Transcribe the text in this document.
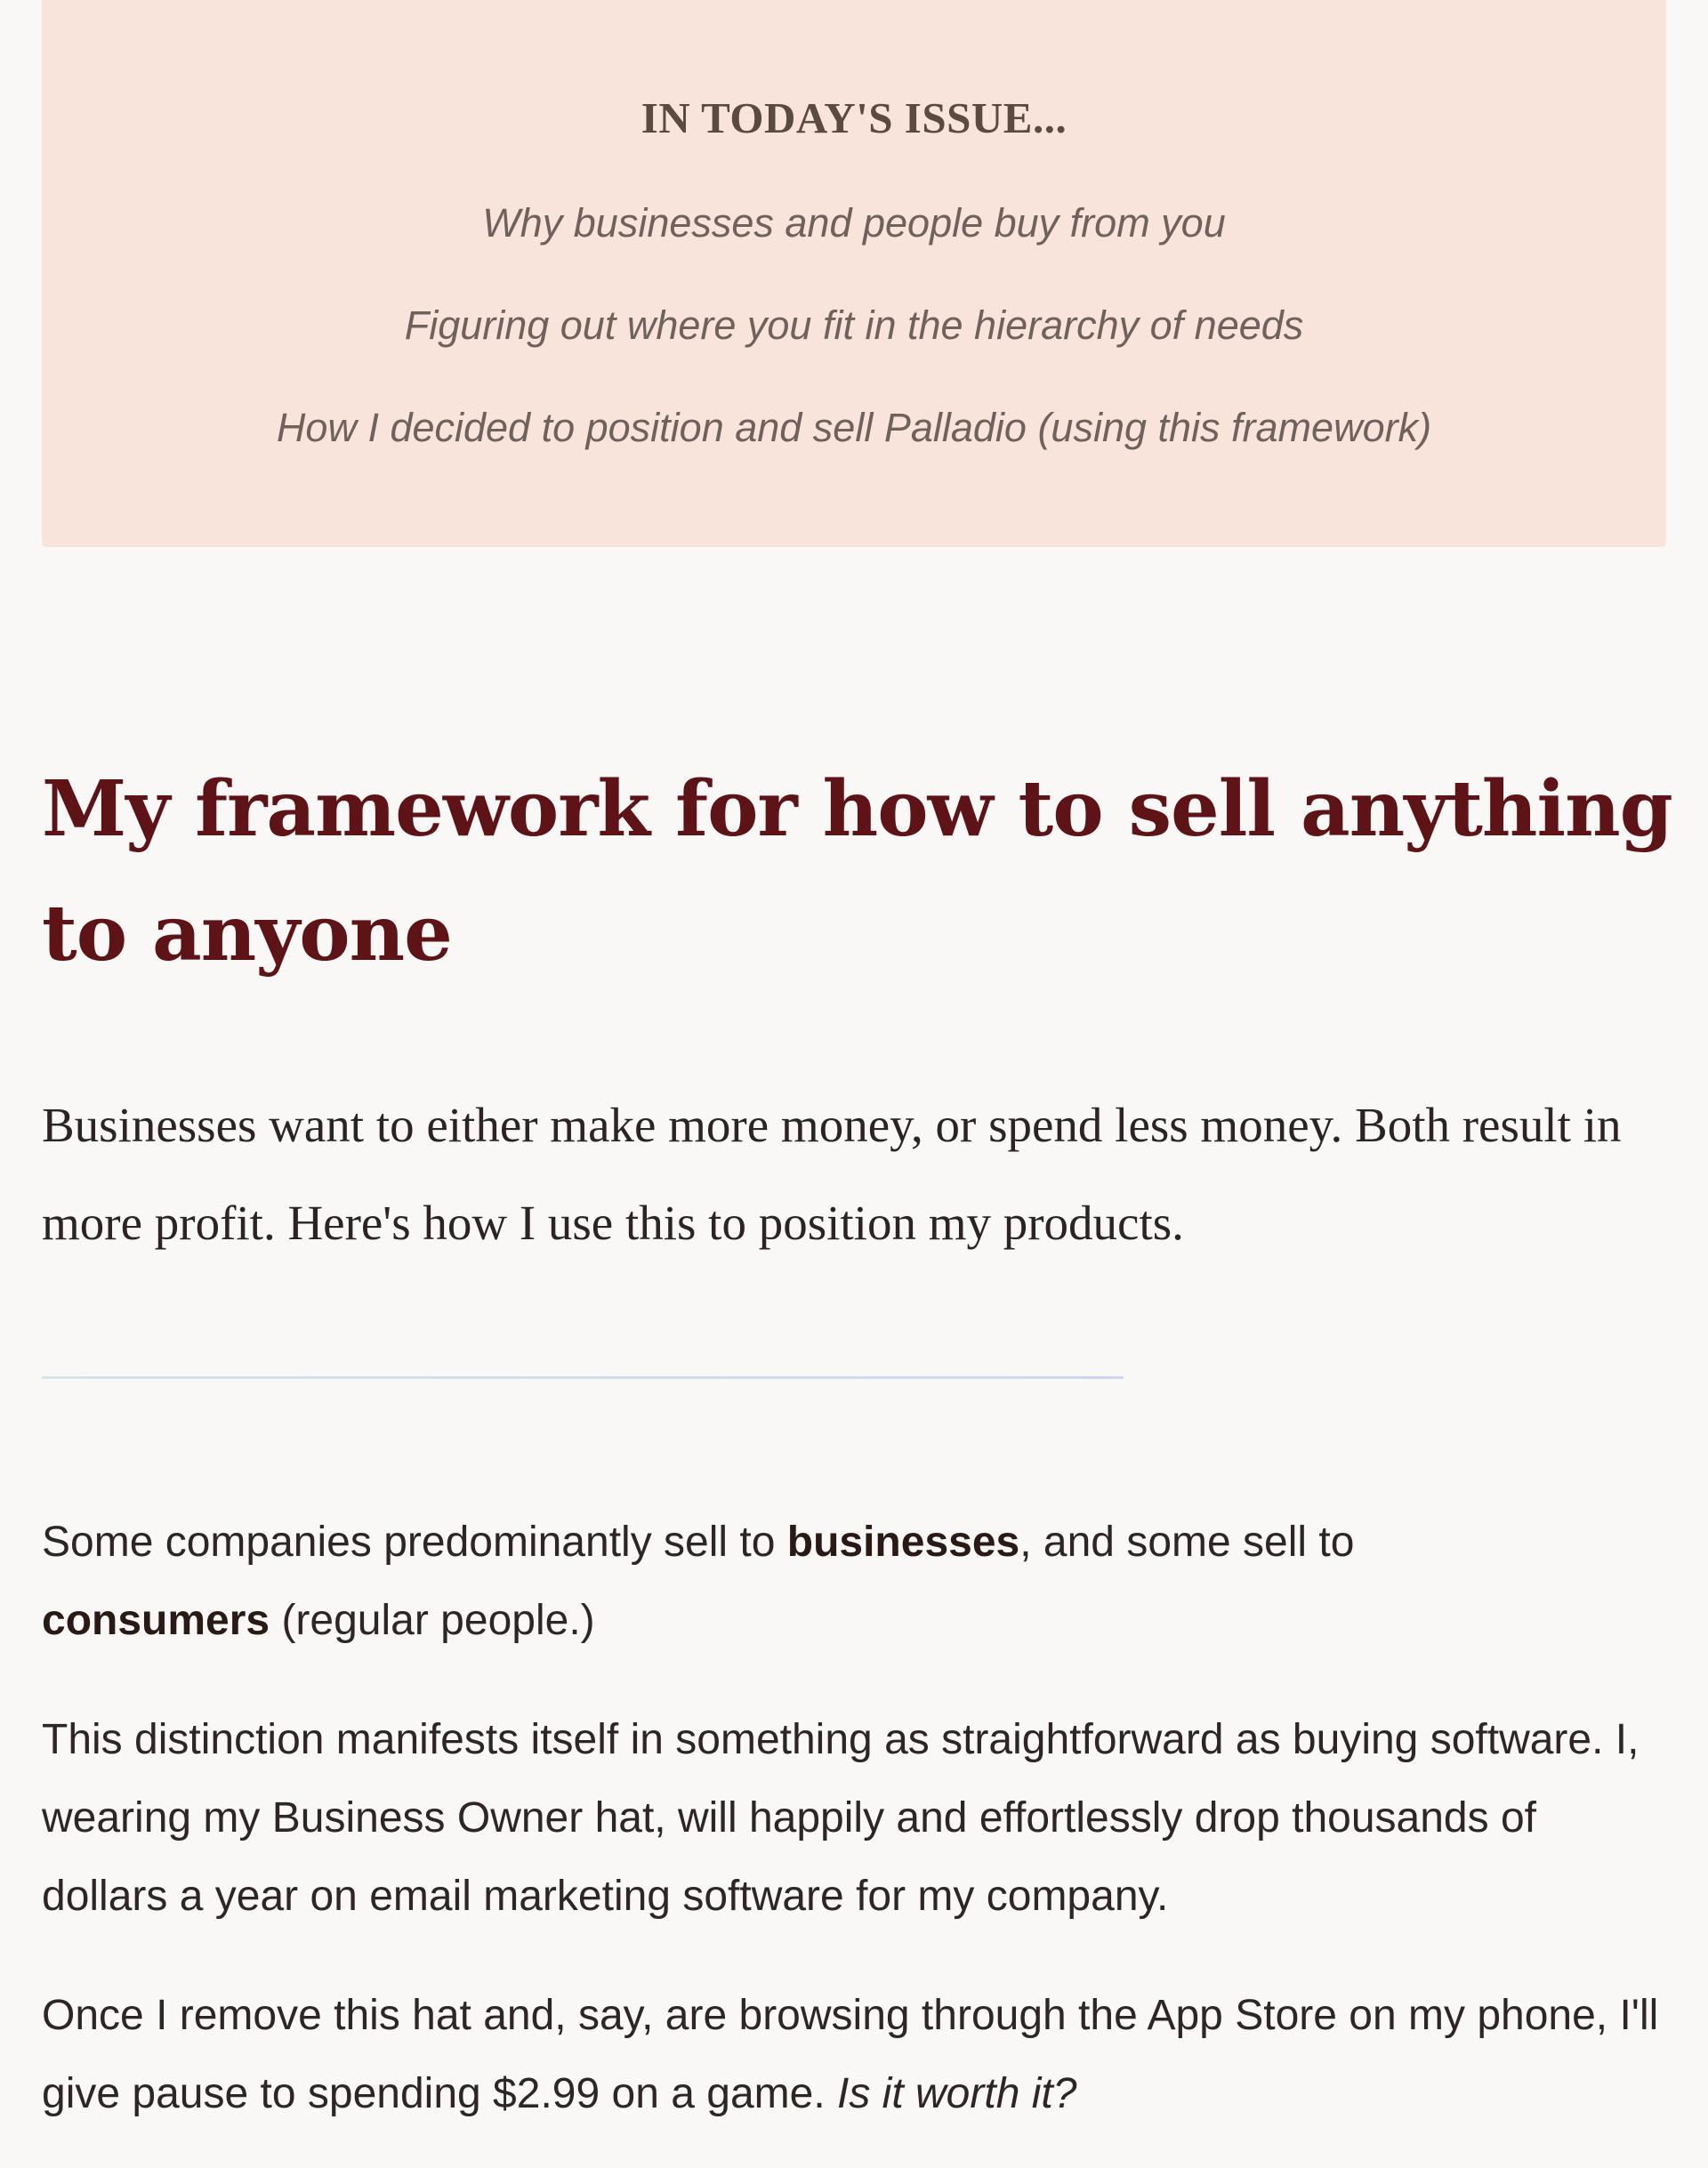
IN TODAY'S ISSUE...

Why businesses and people buy from you

Figuring out where you fit in the hierarchy of needs

How I decided to position and sell Palladio (using this framework)

My framework for how to sell anything to anyone

Businesses want to either make more money, or spend less money. Both result in more profit. Here's how I use this to position my products.

Some companies predominantly sell to businesses, and some sell to
consumers (regular people.)

This distinction manifests itself in something as straightforward as buying software. I, wearing my Business Owner hat, will happily and effortlessly drop thousands of dollars a year on email marketing software for my company.

Once I remove this hat and, say, are browsing through the App Store on my phone, I'll give pause to spending $2.99 on a game. Is it worth it?
